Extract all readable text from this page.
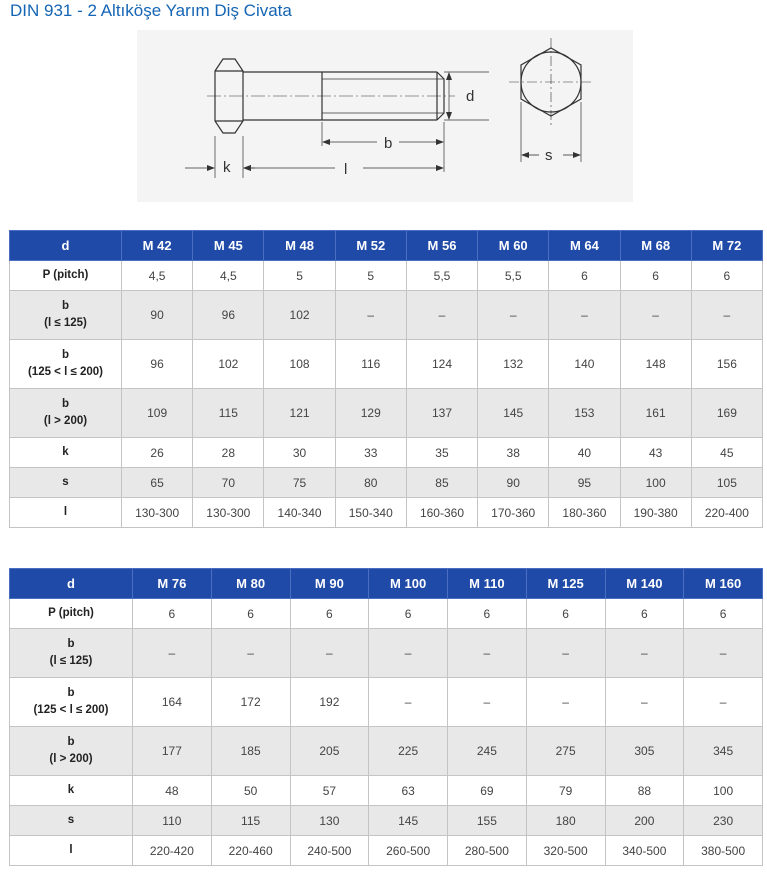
DIN 931 - 2 Altıköşe Yarım Diş Civata
d
b
k	l
s
d	M 42	M 45	M 48	M 52	M 56	M 60	M 64	M 68	M 72

P (pitch)	4,5	4,5	5	5	5,5	5,5	6	6	6

b
(l ≤ 125)	90	96	102	–	–	–	–	–	–

b
(125 < l ≤ 200)	96	102	108	116	124	132	140	148	156

b
(l > 200)	109	115	121	129	137	145	153	161	169

k	26	28	30	33	35	38	40	43	45

s	65	70	75	80	85	90	95	100	105

l	130-300	130-300	140-340	150-340	160-360	170-360	180-360	190-380	220-400
d	M 76	M 80	M 90	M 100	M 110	M 125	M 140	M 160

P (pitch)	6	6	6	6	6	6	6	6

b
(l ≤ 125)	–	–	–	–	–	–	–	–

b
(125 < l ≤ 200)	164	172	192	–	–	–	–	–

b
(l > 200)	177	185	205	225	245	275	305	345

k	48	50	57	63	69	79	88	100

s	110	115	130	145	155	180	200	230

l	220-420	220-460	240-500	260-500	280-500	320-500	340-500	380-500
